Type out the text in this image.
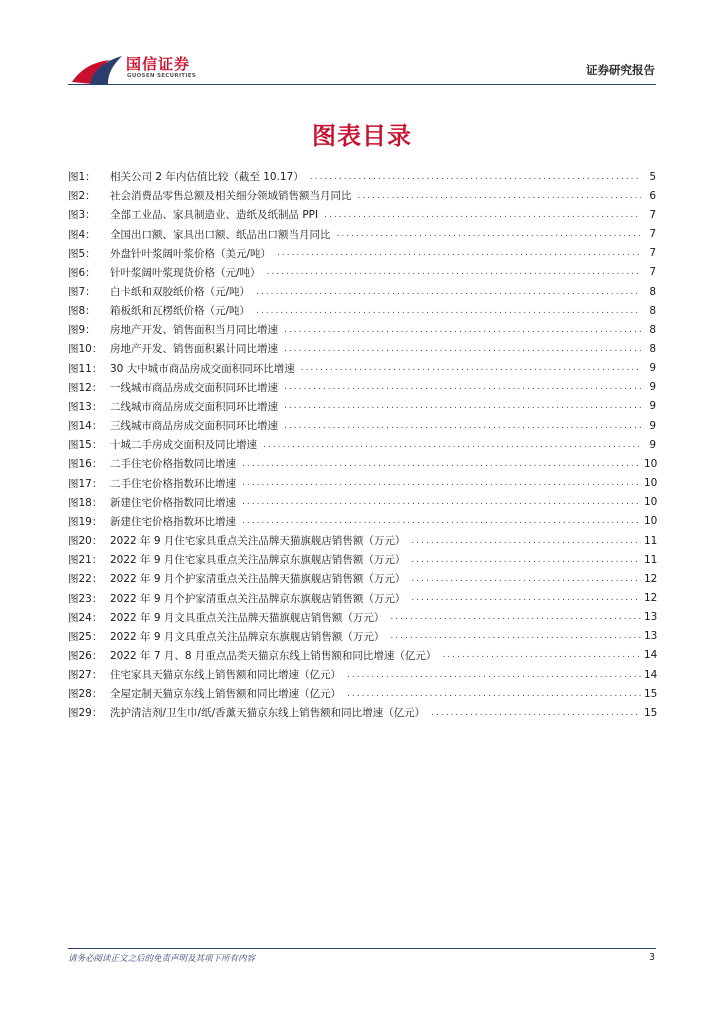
国信证券
GUOSEN SECURITIES	证券研究报告
图表目录
图1：	相关公司 2 年内估值比较（截至 10.17） .....	5
图2：	社会消费品零售总额及相关细分领域销售额当月同比 .....	6
图3：	全部工业品、家具制造业、造纸及纸制品 PPI .....	7
图4：	全国出口额、家具出口额、纸品出口额当月同比 .....	7
图5：	外盘针叶浆阔叶浆价格（美元/吨） .....	7
图6：	针叶浆阔叶浆现货价格（元/吨） .....	7
图7：	白卡纸和双胶纸价格（元/吨） .....	8
图8：	箱板纸和瓦楞纸价格（元/吨） .....	8
图9：	房地产开发、销售面积当月同比增速 .....	8
图10： 房地产开发、销售面积累计同比增速 .....	8
图11： 30 大中城市商品房成交面积同环比增速 .....	9
图12： 一线城市商品房成交面积同环比增速 .....	9
图13： 二线城市商品房成交面积同环比增速 .....	9
图14： 三线城市商品房成交面积同环比增速 .....	9
图15： 十城二手房成交面积及同比增速 .....	9
图16： 二手住宅价格指数同比增速 .....	10
图17： 二手住宅价格指数环比增速 .....	10
图18： 新建住宅价格指数同比增速 .....	10
图19： 新建住宅价格指数环比增速 .....	10
图20： 2022 年 9 月住宅家具重点关注品牌天猫旗舰店销售额（万元） .....	11
图21： 2022 年 9 月住宅家具重点关注品牌京东旗舰店销售额（万元） .....	11
图22： 2022 年 9 月个护家清重点关注品牌天猫旗舰店销售额（万元） .....	12
图23： 2022 年 9 月个护家清重点关注品牌京东旗舰店销售额（万元） .....	12
图24： 2022 年 9 月文具重点关注品牌天猫旗舰店销售额（万元） .....	13
图25： 2022 年 9 月文具重点关注品牌京东旗舰店销售额（万元） .....	13
图26： 2022 年 7 月、8 月重点品类天猫京东线上销售额和同比增速（亿元） .....	14
图27： 住宅家具天猫京东线上销售额和同比增速（亿元） .....	14
图28： 全屋定制天猫京东线上销售额和同比增速（亿元） .....	15
图29： 洗护清洁剂/卫生巾/纸/香薰天猫京东线上销售额和同比增速（亿元） .....	15
请务必阅读正文之后的免责声明及其项下所有内容	3
